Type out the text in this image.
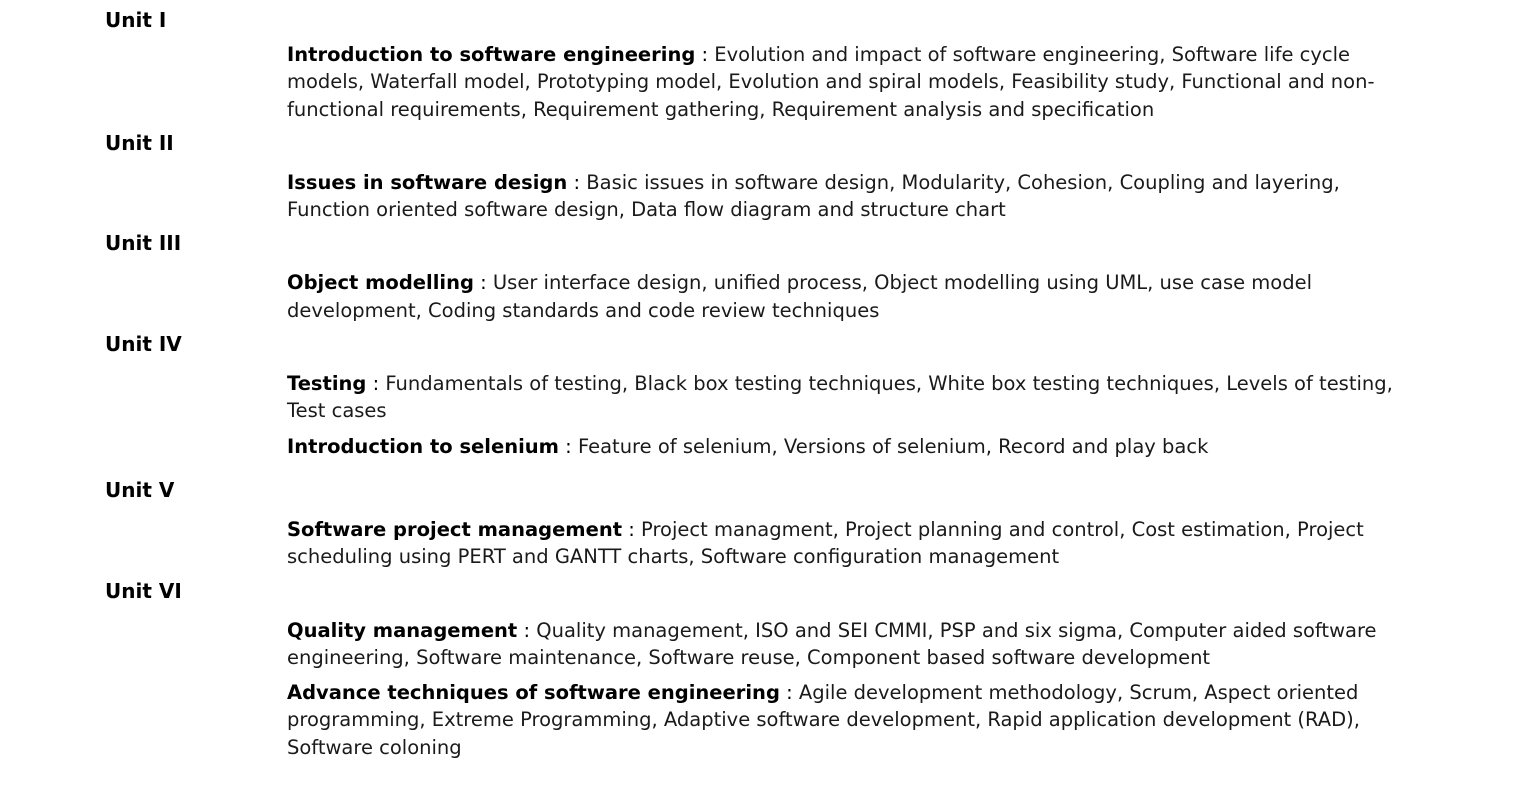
Unit I

Introduction to software engineering : Evolution and impact of software engineering, Software life cycle models, Waterfall model, Prototyping model, Evolution and spiral models, Feasibility study, Functional and non-functional requirements, Requirement gathering, Requirement analysis and specification

Unit II

Issues in software design : Basic issues in software design, Modularity, Cohesion, Coupling and layering, Function oriented software design, Data flow diagram and structure chart

Unit III

Object modelling : User interface design, unified process, Object modelling using UML, use case model development, Coding standards and code review techniques

Unit IV

Testing : Fundamentals of testing, Black box testing techniques, White box testing techniques, Levels of testing, Test cases

Introduction to selenium : Feature of selenium, Versions of selenium, Record and play back

Unit V

Software project management : Project managment, Project planning and control, Cost estimation, Project scheduling using PERT and GANTT charts, Software configuration management

Unit VI

Quality management : Quality management, ISO and SEI CMMI, PSP and six sigma, Computer aided software engineering, Software maintenance, Software reuse, Component based software development

Advance techniques of software engineering : Agile development methodology, Scrum, Aspect oriented programming, Extreme Programming, Adaptive software development, Rapid application development (RAD), Software coloning
